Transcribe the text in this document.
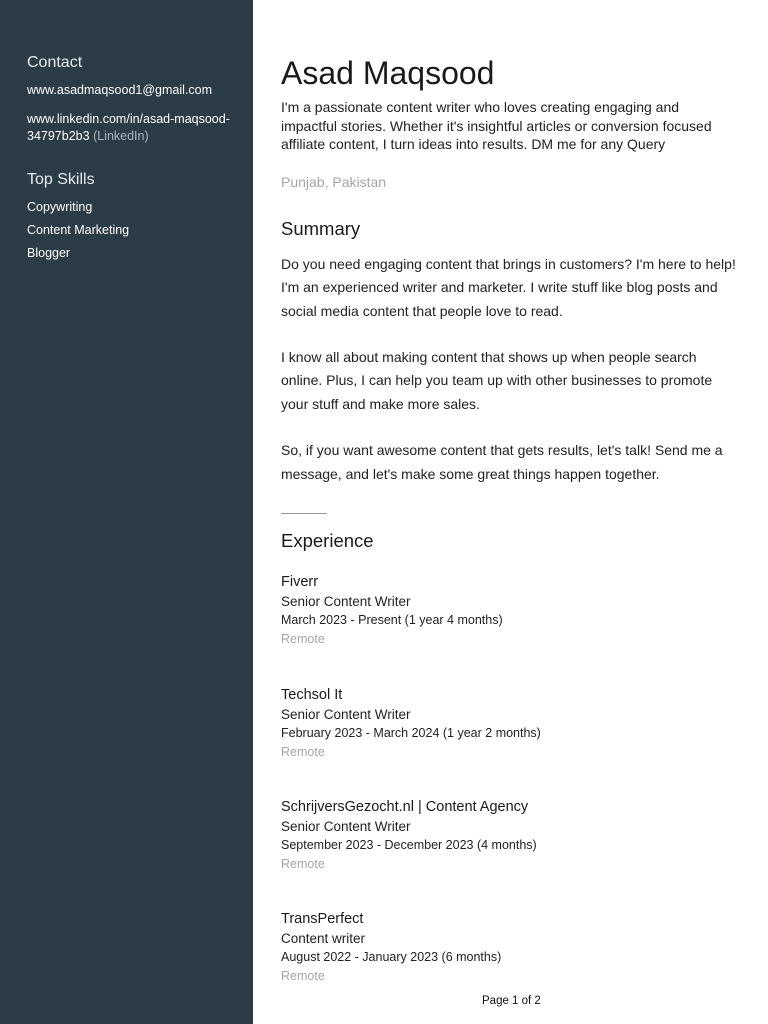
Contact
www.asadmaqsood1@gmail.com
www.linkedin.com/in/asad-maqsood-34797b2b3 (LinkedIn)
Top Skills
Copywriting
Content Marketing
Blogger
Asad Maqsood
I'm a passionate content writer who loves creating engaging and impactful stories. Whether it's insightful articles or conversion focused affiliate content, I turn ideas into results. DM me for any Query
Punjab, Pakistan
Summary

Do you need engaging content that brings in customers? I'm here to help! I'm an experienced writer and marketer. I write stuff like blog posts and social media content that people love to read.

I know all about making content that shows up when people search online. Plus, I can help you team up with other businesses to promote your stuff and make more sales.

So, if you want awesome content that gets results, let's talk! Send me a message, and let's make some great things happen together.

Experience
Fiverr
Senior Content Writer
March 2023 - Present (1 year 4 months)
Remote
Techsol It
Senior Content Writer
February 2023 - March 2024 (1 year 2 months)
Remote
SchrijversGezocht.nl | Content Agency
Senior Content Writer
September 2023 - December 2023 (4 months)
Remote
TransPerfect
Content writer
August 2022 - January 2023 (6 months)
Remote
Page 1 of 2
